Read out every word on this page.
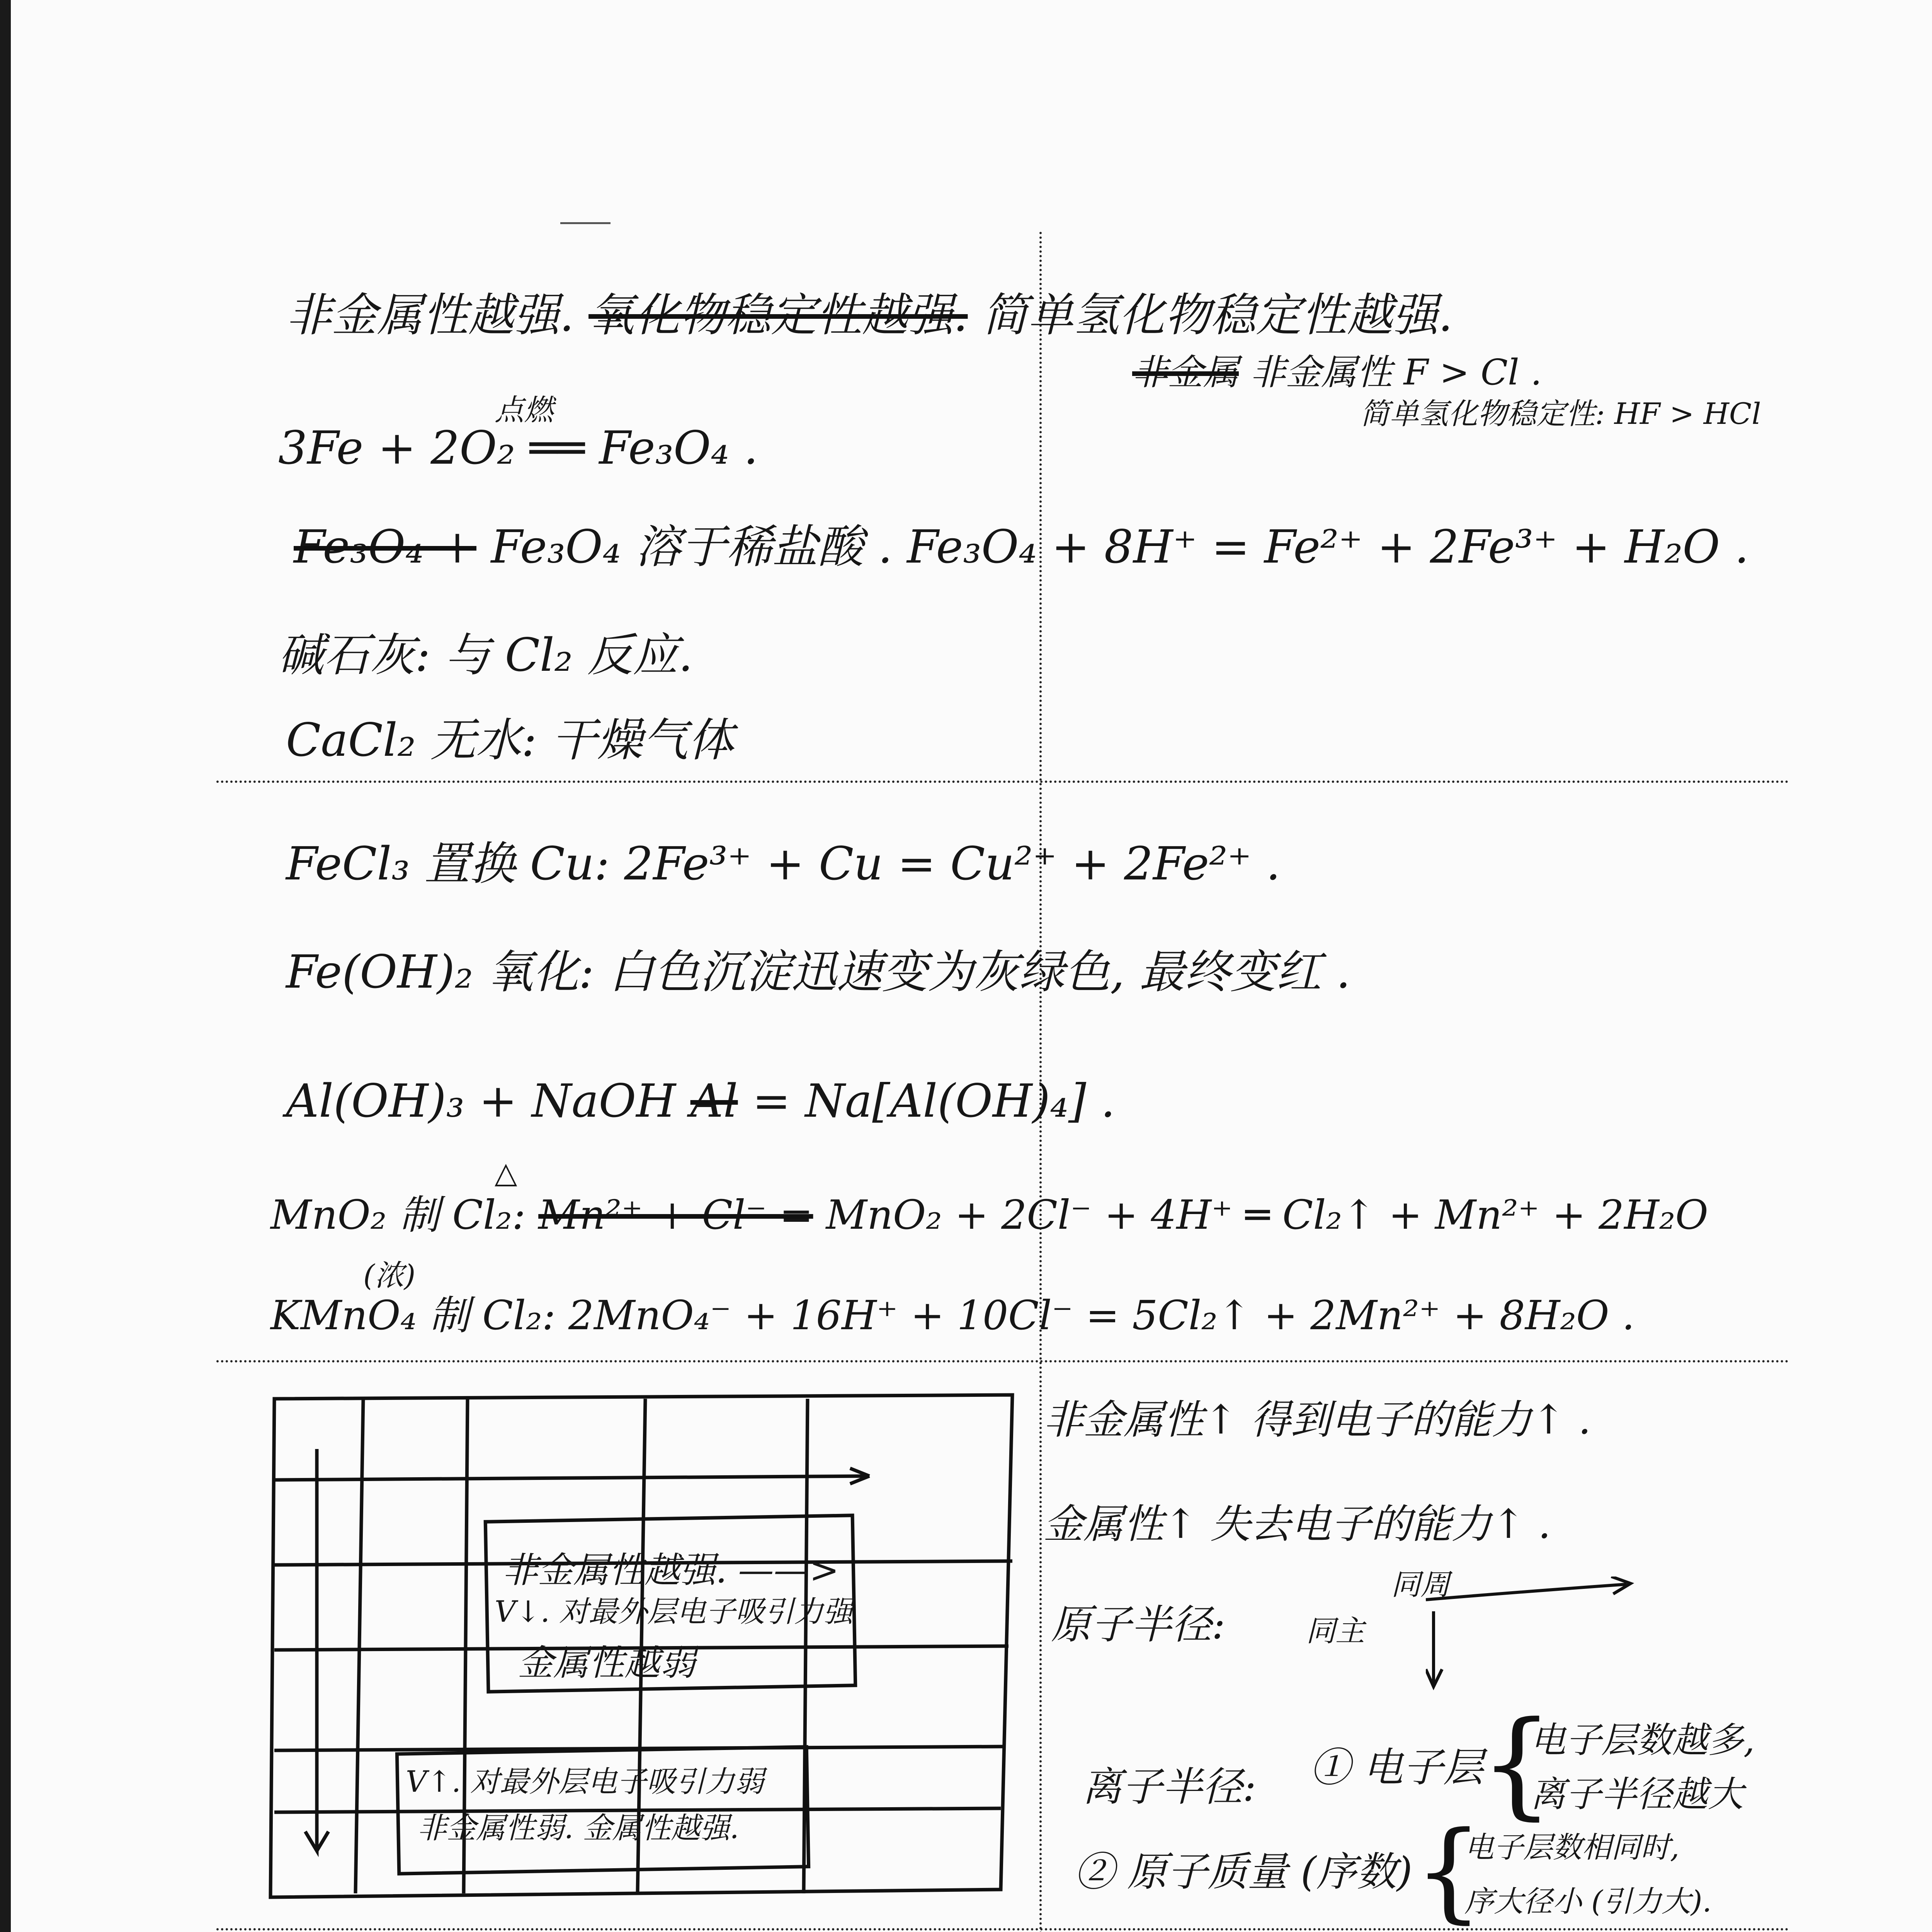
非金属性越强. 氧化物稳定性越强. 简单氢化物稳定性越强.
非金属 非金属性 F > Cl .
简单氢化物稳定性: HF > HCl
点燃
3Fe + 2O₂ ══ Fe₃O₄ .
Fe₃O₄ + Fe₃O₄ 溶于稀盐酸 . Fe₃O₄ + 8H⁺ = Fe²⁺ + 2Fe³⁺ + H₂O .
碱石灰: 与 Cl₂ 反应.
CaCl₂ 无水: 干燥气体
FeCl₃ 置换 Cu: 2Fe³⁺ + Cu = Cu²⁺ + 2Fe²⁺ .
Fe(OH)₂ 氧化: 白色沉淀迅速变为灰绿色, 最终变红 .
Al(OH)₃ + NaOH Al = Na[Al(OH)₄] .
△
MnO₂ 制 Cl₂: Mn²⁺ + Cl⁻ = MnO₂ + 2Cl⁻ + 4H⁺ ═ Cl₂↑ + Mn²⁺ + 2H₂O
(浓)
KMnO₄ 制 Cl₂: 2MnO₄⁻ + 16H⁺ + 10Cl⁻ = 5Cl₂↑ + 2Mn²⁺ + 8H₂O .
非金属性越强. ——>
V↓. 对最外层电子吸引力强
金属性越弱
V↑. 对最外层电子吸引力弱
非金属性弱. 金属性越强.
非金属性↑ 得到电子的能力↑ .
金属性↑ 失去电子的能力↑ .
同周
原子半径:	同主
离子半径: ① 电子层
{
电子层数越多,
离子半径越大
② 原子质量 (序数) {
电子层数相同时,
序大径小 (引力大).
